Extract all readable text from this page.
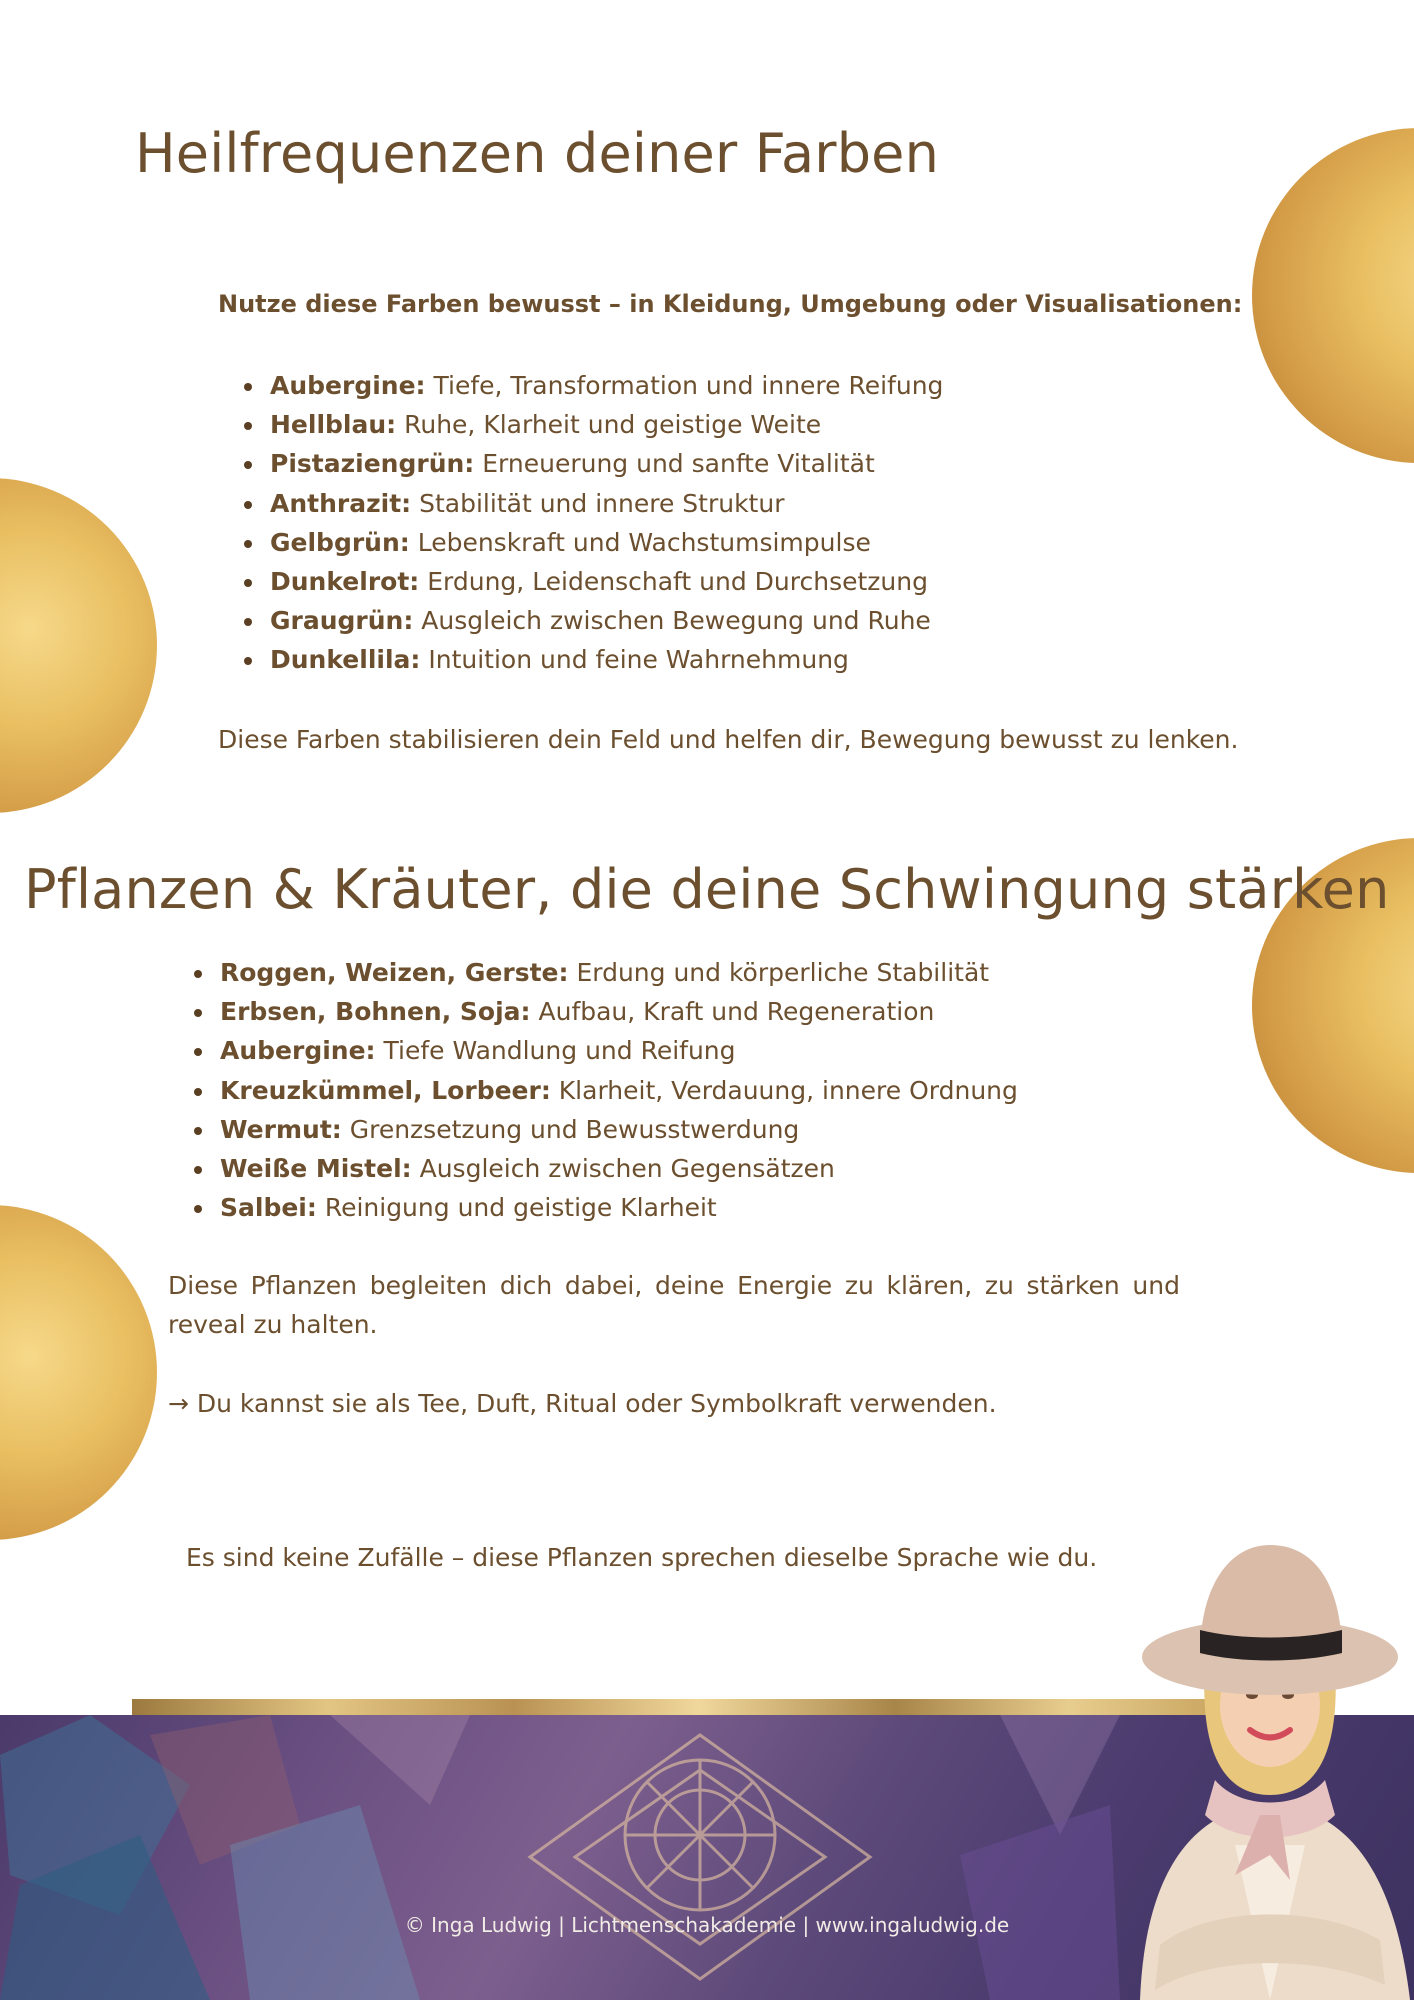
Heilfrequenzen deiner Farben

Nutze diese Farben bewusst – in Kleidung, Umgebung oder Visualisationen:

• Aubergine: Tiefe, Transformation und innere Reifung
• Hellblau: Ruhe, Klarheit und geistige Weite
• Pistaziengrün: Erneuerung und sanfte Vitalität
• Anthrazit: Stabilität und innere Struktur
• Gelbgrün: Lebenskraft und Wachstumsimpulse
• Dunkelrot: Erdung, Leidenschaft und Durchsetzung
• Graugrün: Ausgleich zwischen Bewegung und Ruhe
• Dunkellila: Intuition und feine Wahrnehmung

Diese Farben stabilisieren dein Feld und helfen dir, Bewegung bewusst zu lenken.

Pflanzen & Kräuter, die deine Schwingung stärken
• Roggen, Weizen, Gerste: Erdung und körperliche Stabilität
• Erbsen, Bohnen, Soja: Aufbau, Kraft und Regeneration
• Aubergine: Tiefe Wandlung und Reifung
• Kreuzkümmel, Lorbeer: Klarheit, Verdauung, innere Ordnung
• Wermut: Grenzsetzung und Bewusstwerdung
• Weiße Mistel: Ausgleich zwischen Gegensätzen
• Salbei: Reinigung und geistige Klarheit

Diese Pflanzen begleiten dich dabei, deine Energie zu klären, zu stärken und reveal zu halten.

→ Du kannst sie als Tee, Duft, Ritual oder Symbolkraft verwenden.

Es sind keine Zufälle – diese Pflanzen sprechen dieselbe Sprache wie du.

© Inga Ludwig | Lichtmenschakademie | www.ingaludwig.de
